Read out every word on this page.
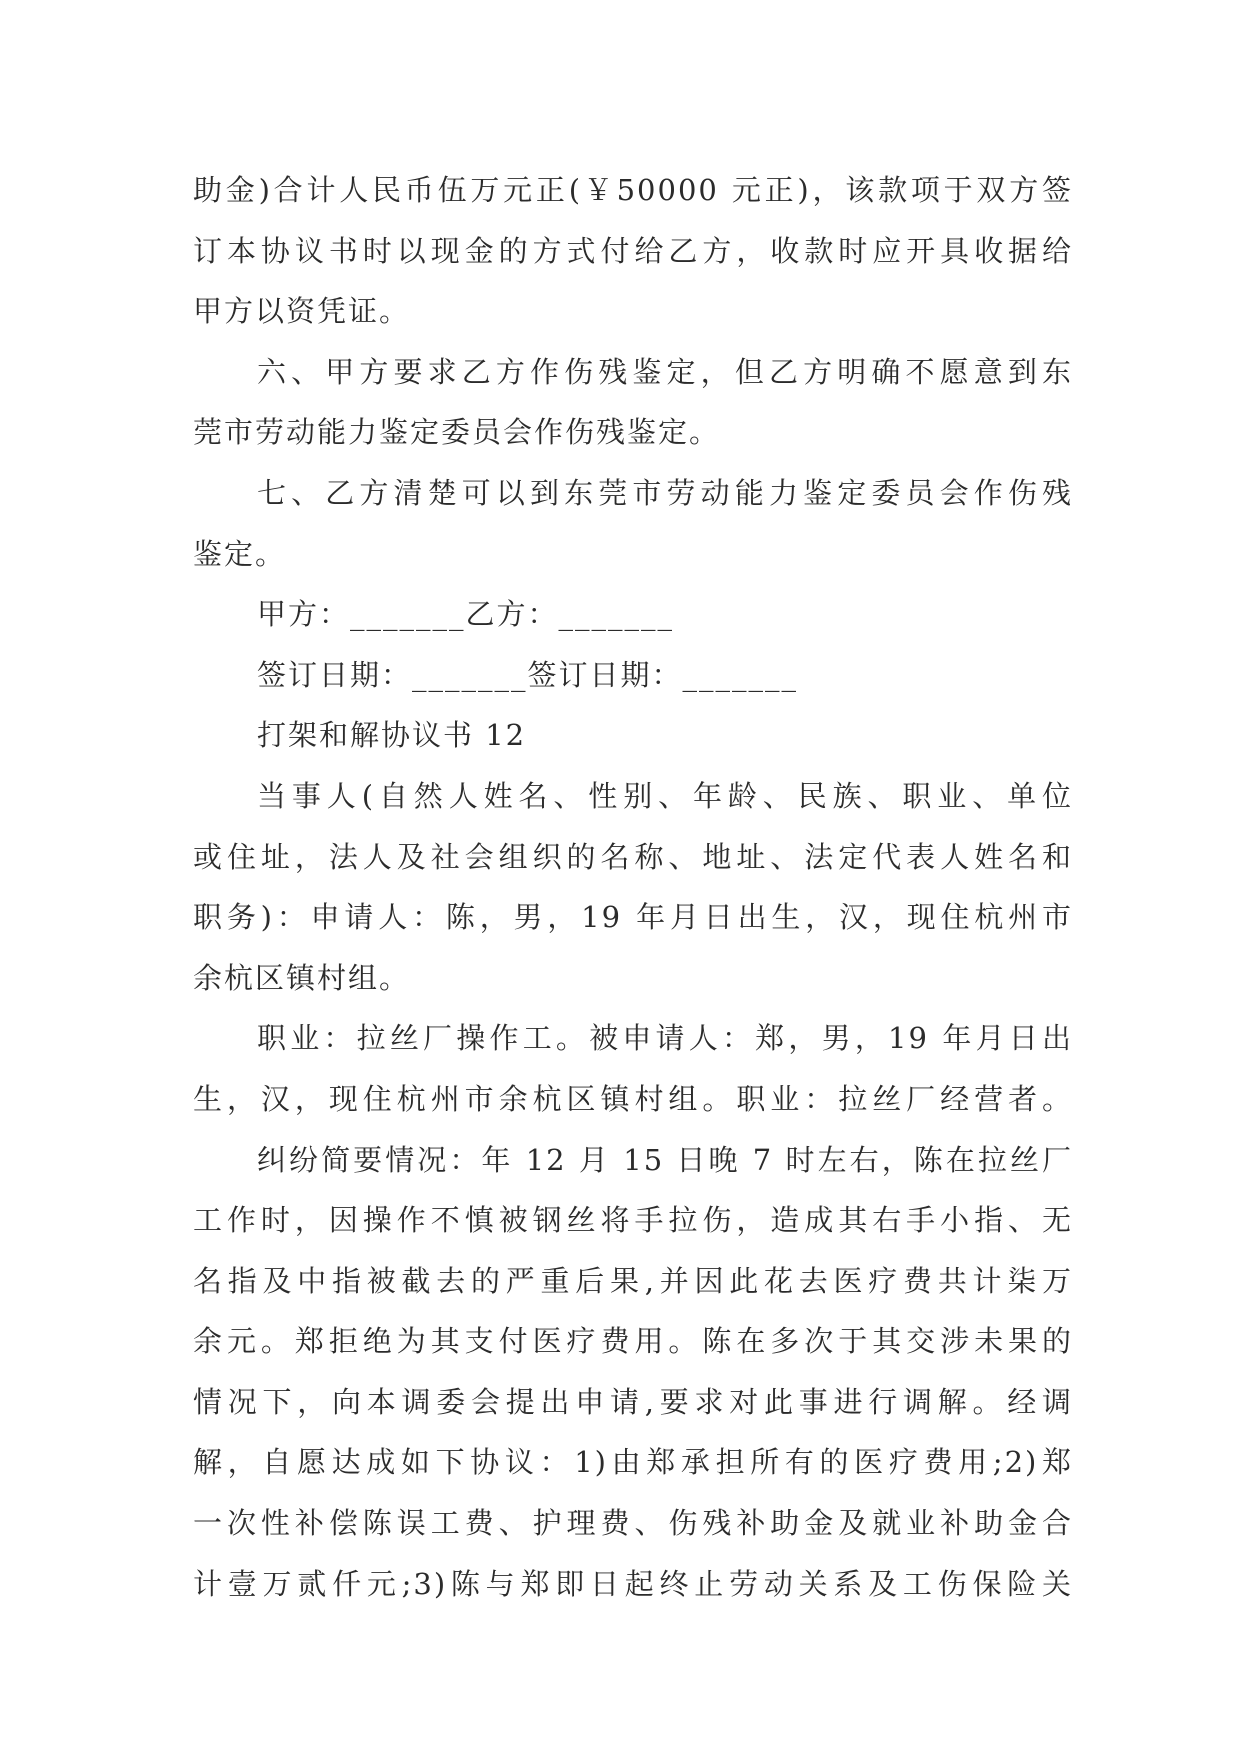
助金)合计人民币伍万元正(￥50000 元正)，该款项于双方签
订本协议书时以现金的方式付给乙方，收款时应开具收据给
甲方以资凭证。
六、甲方要求乙方作伤残鉴定，但乙方明确不愿意到东
莞市劳动能力鉴定委员会作伤残鉴定。
七、乙方清楚可以到东莞市劳动能力鉴定委员会作伤残
鉴定。
甲方：_______乙方：_______
签订日期：_______签订日期：_______
打架和解协议书 12
当事人(自然人姓名、性别、年龄、民族、职业、单位
或住址，法人及社会组织的名称、地址、法定代表人姓名和
职务)：申请人：陈，男，19 年月日出生，汉，现住杭州市
余杭区镇村组。
职业：拉丝厂操作工。被申请人：郑，男，19 年月日出
生，汉，现住杭州市余杭区镇村组。职业：拉丝厂经营者。
纠纷简要情况：年 12 月 15 日晚 7 时左右，陈在拉丝厂
工作时，因操作不慎被钢丝将手拉伤，造成其右手小指、无
名指及中指被截去的严重后果,并因此花去医疗费共计柒万
余元。郑拒绝为其支付医疗费用。陈在多次于其交涉未果的
情况下，向本调委会提出申请,要求对此事进行调解。经调
解，自愿达成如下协议：1)由郑承担所有的医疗费用;2)郑
一次性补偿陈误工费、护理费、伤残补助金及就业补助金合
计壹万贰仟元;3)陈与郑即日起终止劳动关系及工伤保险关
